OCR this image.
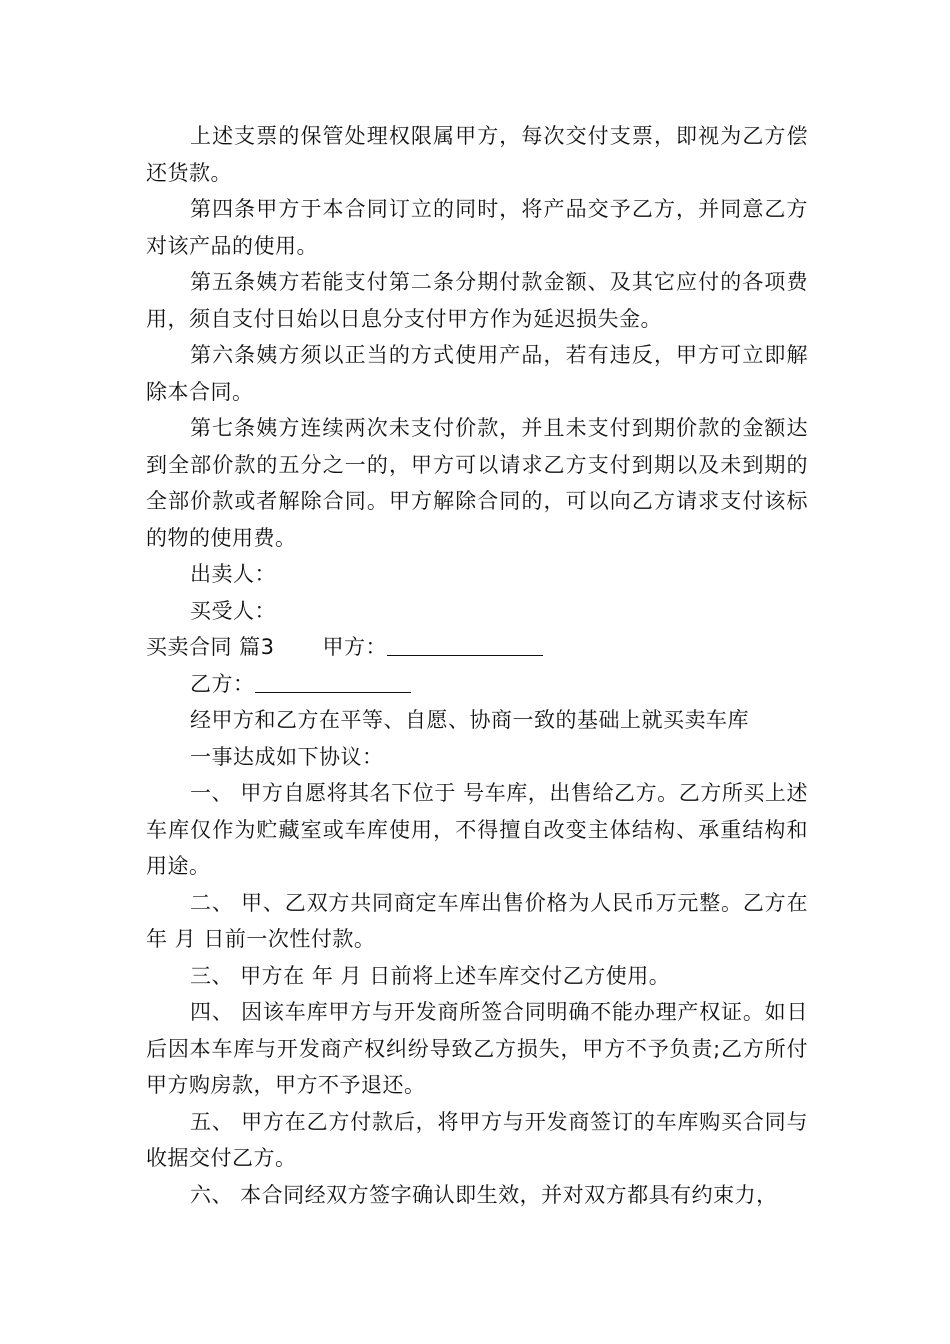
上述支票的保管处理权限属甲方，每次交付支票，即视为乙方偿还货款。

第四条甲方于本合同订立的同时，将产品交予乙方，并同意乙方对该产品的使用。

第五条姨方若能支付第二条分期付款金额、及其它应付的各项费用，须自支付日始以日息分支付甲方作为延迟损失金。

第六条姨方须以正当的方式使用产品，若有违反，甲方可立即解除本合同。

第七条姨方连续两次未支付价款，并且未支付到期价款的金额达到全部价款的五分之一的，甲方可以请求乙方支付到期以及未到期的全部价款或者解除合同。甲方解除合同的，可以向乙方请求支付该标的物的使用费。

出卖人：

买受人：

买卖合同 篇3 甲方：

乙方：

经甲方和乙方在平等、自愿、协商一致的基础上就买卖车库

一事达成如下协议：

一、 甲方自愿将其名下位于 号车库，出售给乙方。乙方所买上述车库仅作为贮藏室或车库使用，不得擅自改变主体结构、承重结构和用途。

二、 甲、乙双方共同商定车库出售价格为人民币万元整。乙方在年 月 日前一次性付款。

三、 甲方在 年 月 日前将上述车库交付乙方使用。

四、 因该车库甲方与开发商所签合同明确不能办理产权证。如日后因本车库与开发商产权纠纷导致乙方损失，甲方不予负责;乙方所付甲方购房款，甲方不予退还。

五、 甲方在乙方付款后，将甲方与开发商签订的车库购买合同与收据交付乙方。

六、 本合同经双方签字确认即生效，并对双方都具有约束力，
